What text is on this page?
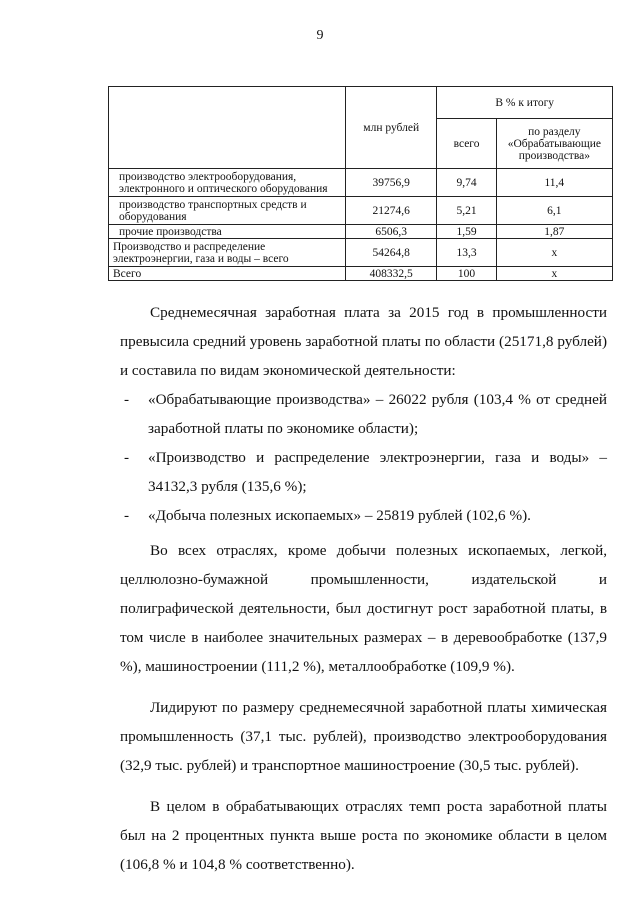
9
	млн рублей	В % к итогу	
		всего	по разделу «Обрабатывающие производства»
производство электрооборудования, электронного и оптического оборудования	39756,9	9,74	11,4
производство транспортных средств и оборудования	21274,6	5,21	6,1
прочие производства	6506,3	1,59	1,87
Производство и распределение электроэнергии, газа и воды – всего	54264,8	13,3	x
Всего	408332,5	100	x

Среднемесячная заработная плата за 2015 год в промышленности превысила средний уровень заработной платы по области (25171,8 рублей) и составила по видам экономической деятельности:

- «Обрабатывающие производства» – 26022 рубля (103,4 % от средней заработной платы по экономике области);
- «Производство и распределение электроэнергии, газа и воды» – 34132,3 рубля (135,6 %);
- «Добыча полезных ископаемых» – 25819 рублей (102,6 %).

Во всех отраслях, кроме добычи полезных ископаемых, легкой, целлюлозно-бумажной промышленности, издательской и полиграфической деятельности, был достигнут рост заработной платы, в том числе в наиболее значительных размерах – в деревообработке (137,9 %), машиностроении (111,2 %), металлообработке (109,9 %).

Лидируют по размеру среднемесячной заработной платы химическая промышленность (37,1 тыс. рублей), производство электрооборудования (32,9 тыс. рублей) и транспортное машиностроение (30,5 тыс. рублей).

В целом в обрабатывающих отраслях темп роста заработной платы был на 2 процентных пункта выше роста по экономике области в целом (106,8 % и 104,8 % соответственно).
